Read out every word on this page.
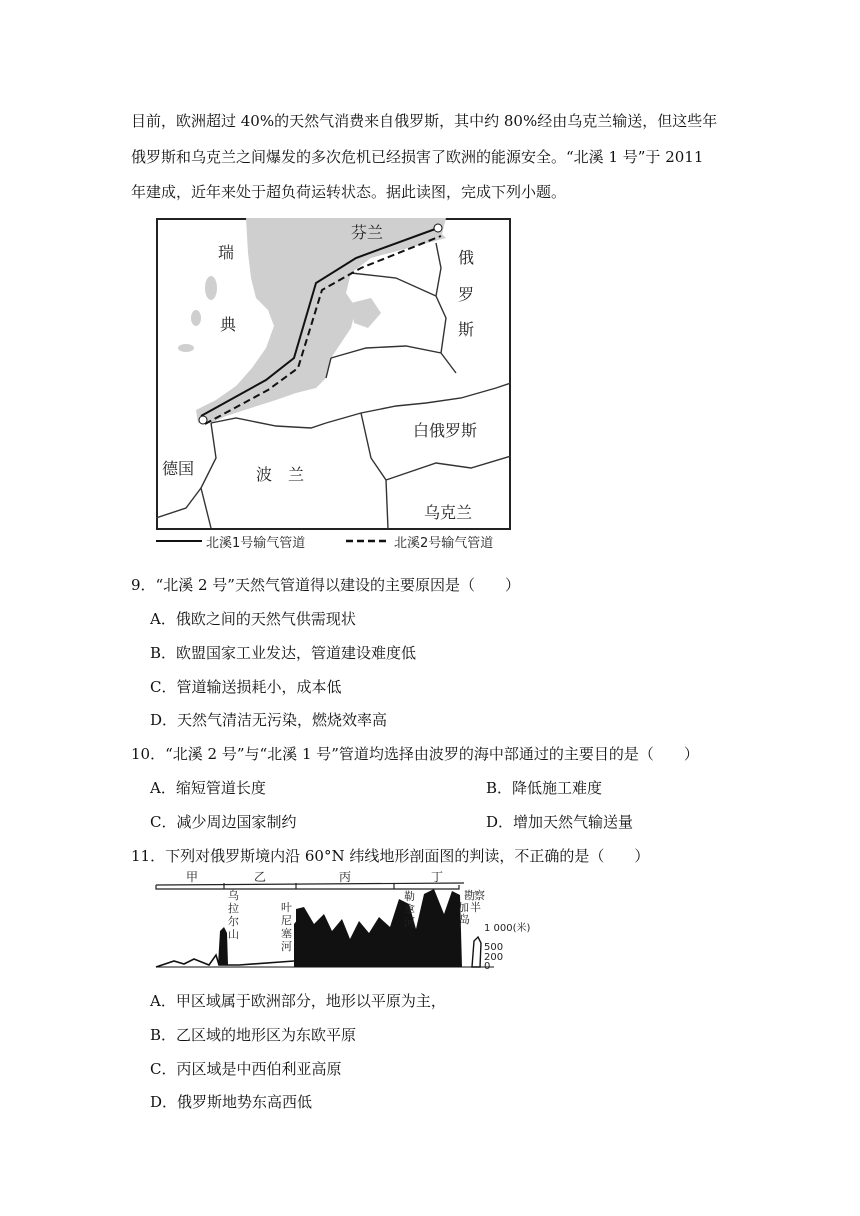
目前，欧洲超过 40%的天然气消费来自俄罗斯，其中约 80%经由乌克兰输送，但这些年
俄罗斯和乌克兰之间爆发的多次危机已经损害了欧洲的能源安全。“北溪 1 号”于 2011
年建成，近年来处于超负荷运转状态。据此读图，完成下列小题。
芬兰
瑞
典
俄
罗
斯
白俄罗斯
德国	波　兰
乌克兰
北溪1号输气管道	北溪2号输气管道

9．“北溪 2 号”天然气管道得以建设的主要原因是（　　）

A．俄欧之间的天然气供需现状

B．欧盟国家工业发达，管道建设难度低

C．管道输送损耗小，成本低

D．天然气清洁无污染，燃烧效率高

10．“北溪 2 号”与“北溪 1 号”管道均选择由波罗的海中部通过的主要目的是（　　）

A．缩短管道长度	B．降低施工难度

C．减少周边国家制约	D．增加天然气输送量

11．下列对俄罗斯境内沿 60°N 纬线地形剖面图的判读，不正确的是（　　）

甲	乙	丙	丁
乌
拉
尔
山
叶
尼
塞
河
勒
拿
河
勘 察
加 半
岛
1 000(米)
500
200
0

A．甲区域属于欧洲部分，地形以平原为主，

B．乙区域的地形区为东欧平原

C．丙区域是中西伯利亚高原

D．俄罗斯地势东高西低
